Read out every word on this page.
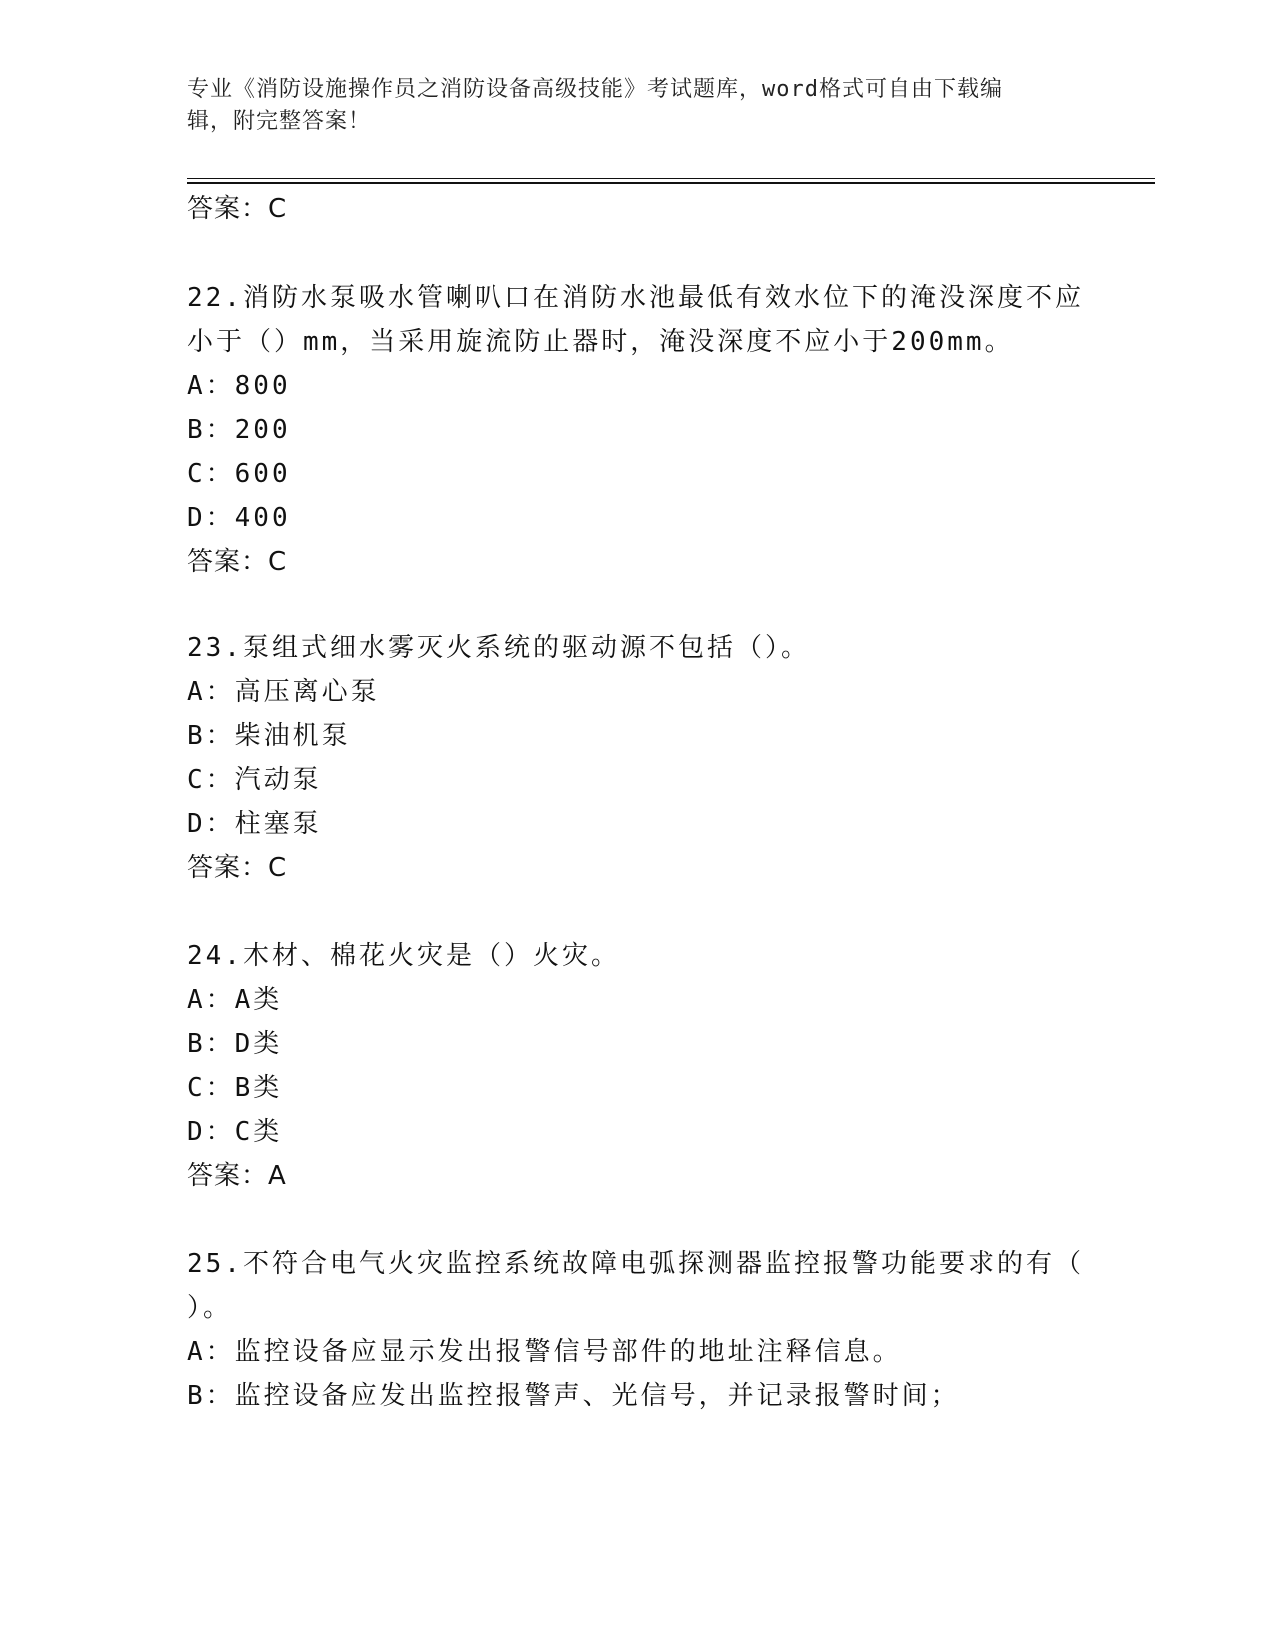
专业《消防设施操作员之消防设备高级技能》考试题库，word格式可自由下载编
辑，附完整答案！
答案：C
22.消防水泵吸水管喇叭口在消防水池最低有效水位下的淹没深度不应
小于（）mm，当采用旋流防止器时，淹没深度不应小于200mm。
A：800
B：200
C：600
D：400
答案：C
23.泵组式细水雾灭火系统的驱动源不包括（）。
A：高压离心泵
B：柴油机泵
C：汽动泵
D：柱塞泵
答案：C
24.木材、棉花火灾是（）火灾。
A：A类
B：D类
C：B类
D：C类
答案：A
25.不符合电气火灾监控系统故障电弧探测器监控报警功能要求的有（
）。
A：监控设备应显示发出报警信号部件的地址注释信息。
B：监控设备应发出监控报警声、光信号，并记录报警时间；
